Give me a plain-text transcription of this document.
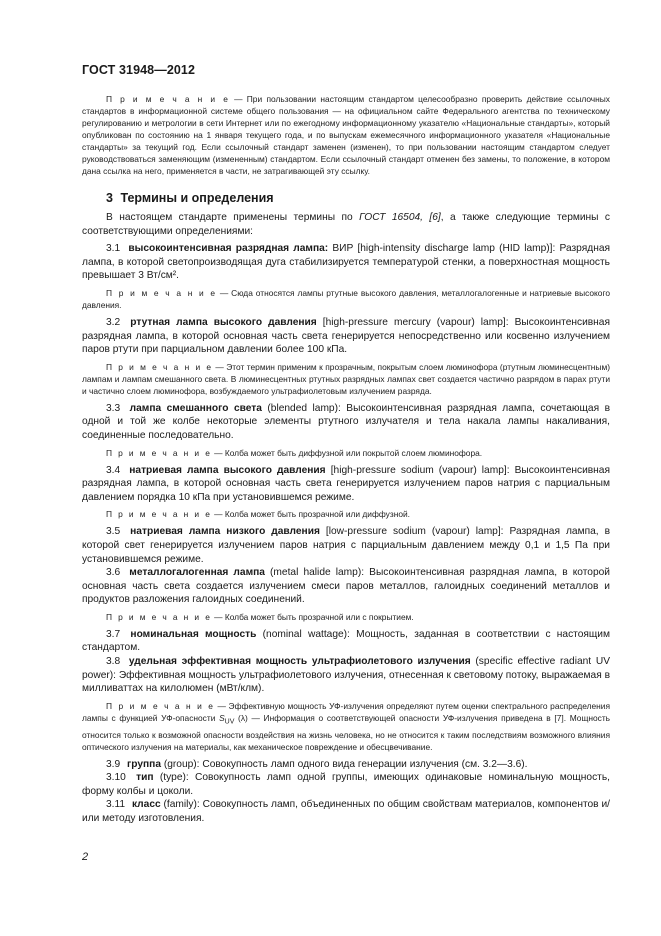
ГОСТ 31948—2012

П р и м е ч а н и е — При пользовании настоящим стандартом целесообразно проверить действие ссылочных стандартов в информационной системе общего пользования — на официальном сайте Федерального агентства по техническому регулированию и метрологии в сети Интернет или по ежегодному информационному указателю «Национальные стандарты», который опубликован по состоянию на 1 января текущего года, и по выпускам ежемесячного информационного указателя «Национальные стандарты» за текущий год. Если ссылочный стандарт заменен (изменен), то при пользовании настоящим стандартом следует руководствоваться заменяющим (измененным) стандартом. Если ссылочный стандарт отменен без замены, то положение, в котором дана ссылка на него, применяется в части, не затрагивающей эту ссылку.

3 Термины и определения

В настоящем стандарте применены термины по ГОСТ 16504, [6], а также следующие термины с соответствующими определениями:

3.1 высокоинтенсивная разрядная лампа: ВИР [high-intensity discharge lamp (HID lamp)]: Разрядная лампа, в которой светопроизводящая дуга стабилизируется температурой стенки, а поверхностная мощность превышает 3 Вт/см².

П р и м е ч а н и е — Сюда относятся лампы ртутные высокого давления, металлогалогенные и натриевые высокого давления.

3.2 ртутная лампа высокого давления [high-pressure mercury (vapour) lamp]: Высокоинтенсивная разрядная лампа, в которой основная часть света генерируется непосредственно или косвенно излучением паров ртути при парциальном давлении более 100 кПа.

П р и м е ч а н и е — Этот термин применим к прозрачным, покрытым слоем люминофора (ртутным люминесцентным) лампам и лампам смешанного света. В люминесцентных ртутных разрядных лампах свет создается частично разрядом в парах ртути и частично слоем люминофора, возбуждаемого ультрафиолетовым излучением разряда.

3.3 лампа смешанного света (blended lamp): Высокоинтенсивная разрядная лампа, сочетающая в одной и той же колбе некоторые элементы ртутного излучателя и тела накала лампы накаливания, соединенные последовательно.

П р и м е ч а н и е — Колба может быть диффузной или покрытой слоем люминофора.

3.4 натриевая лампа высокого давления [high-pressure sodium (vapour) lamp]: Высокоинтенсивная разрядная лампа, в которой основная часть света генерируется излучением паров натрия с парциальным давлением порядка 10 кПа при установившемся режиме.

П р и м е ч а н и е — Колба может быть прозрачной или диффузной.

3.5 натриевая лампа низкого давления [low-pressure sodium (vapour) lamp]: Разрядная лампа, в которой свет генерируется излучением паров натрия с парциальным давлением между 0,1 и 1,5 Па при установившемся режиме.

3.6 металлогалогенная лампа (metal halide lamp): Высокоинтенсивная разрядная лампа, в которой основная часть света создается излучением смеси паров металлов, галоидных соединений металлов и продуктов разложения галоидных соединений.

П р и м е ч а н и е — Колба может быть прозрачной или с покрытием.

3.7 номинальная мощность (nominal wattage): Мощность, заданная в соответствии с настоящим стандартом.

3.8 удельная эффективная мощность ультрафиолетового излучения (specific effective radiant UV power): Эффективная мощность ультрафиолетового излучения, отнесенная к световому потоку, выражаемая в милливаттах на килолюмен (мВт/клм).

П р и м е ч а н и е — Эффективную мощность УФ-излучения определяют путем оценки спектрального распределения лампы с функцией УФ-опасности $S_{UV}$ (λ) — Информация о соответствующей опасности УФ-излучения приведена в [7]. Мощность относится только к возможной опасности воздействия на жизнь человека, но не относится к таким последствиям возможного влияния оптического излучения на материалы, как механическое повреждение и обесцвечивание.

3.9 группа (group): Совокупность ламп одного вида генерации излучения (см. 3.2—3.6).

3.10 тип (type): Совокупность ламп одной группы, имеющих одинаковые номинальную мощность, форму колбы и цоколи.

3.11 класс (family): Совокупность ламп, объединенных по общим свойствам материалов, компонентов и/или методу изготовления.

2
